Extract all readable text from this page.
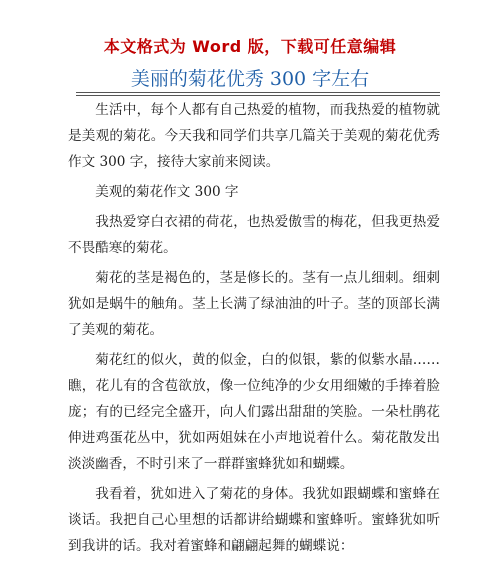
本文格式为 Word 版，下载可任意编辑
美丽的菊花优秀 300 字左右

生活中，每个人都有自己热爱的植物，而我热爱的植物就是美观的菊花。今天我和同学们共享几篇关于美观的菊花优秀作文 300 字，接待大家前来阅读。

美观的菊花作文 300 字

我热爱穿白衣裙的荷花，也热爱傲雪的梅花，但我更热爱不畏酷寒的菊花。

菊花的茎是褐色的，茎是修长的。茎有一点儿细刺。细刺犹如是蜗牛的触角。茎上长满了绿油油的叶子。茎的顶部长满了美观的菊花。

菊花红的似火，黄的似金，白的似银，紫的似紫水晶……瞧，花儿有的含苞欲放，像一位纯净的少女用细嫩的手捧着脸庞；有的已经完全盛开，向人们露出甜甜的笑脸。一朵杜鹃花伸进鸡蛋花丛中，犹如两姐妹在小声地说着什么。菊花散发出淡淡幽香，不时引来了一群群蜜蜂犹如和蝴蝶。

我看着，犹如进入了菊花的身体。我犹如跟蝴蝶和蜜蜂在谈话。我把自己心里想的话都讲给蝴蝶和蜜蜂听。蜜蜂犹如听到我讲的话。我对着蜜蜂和翩翩起舞的蝴蝶说：
